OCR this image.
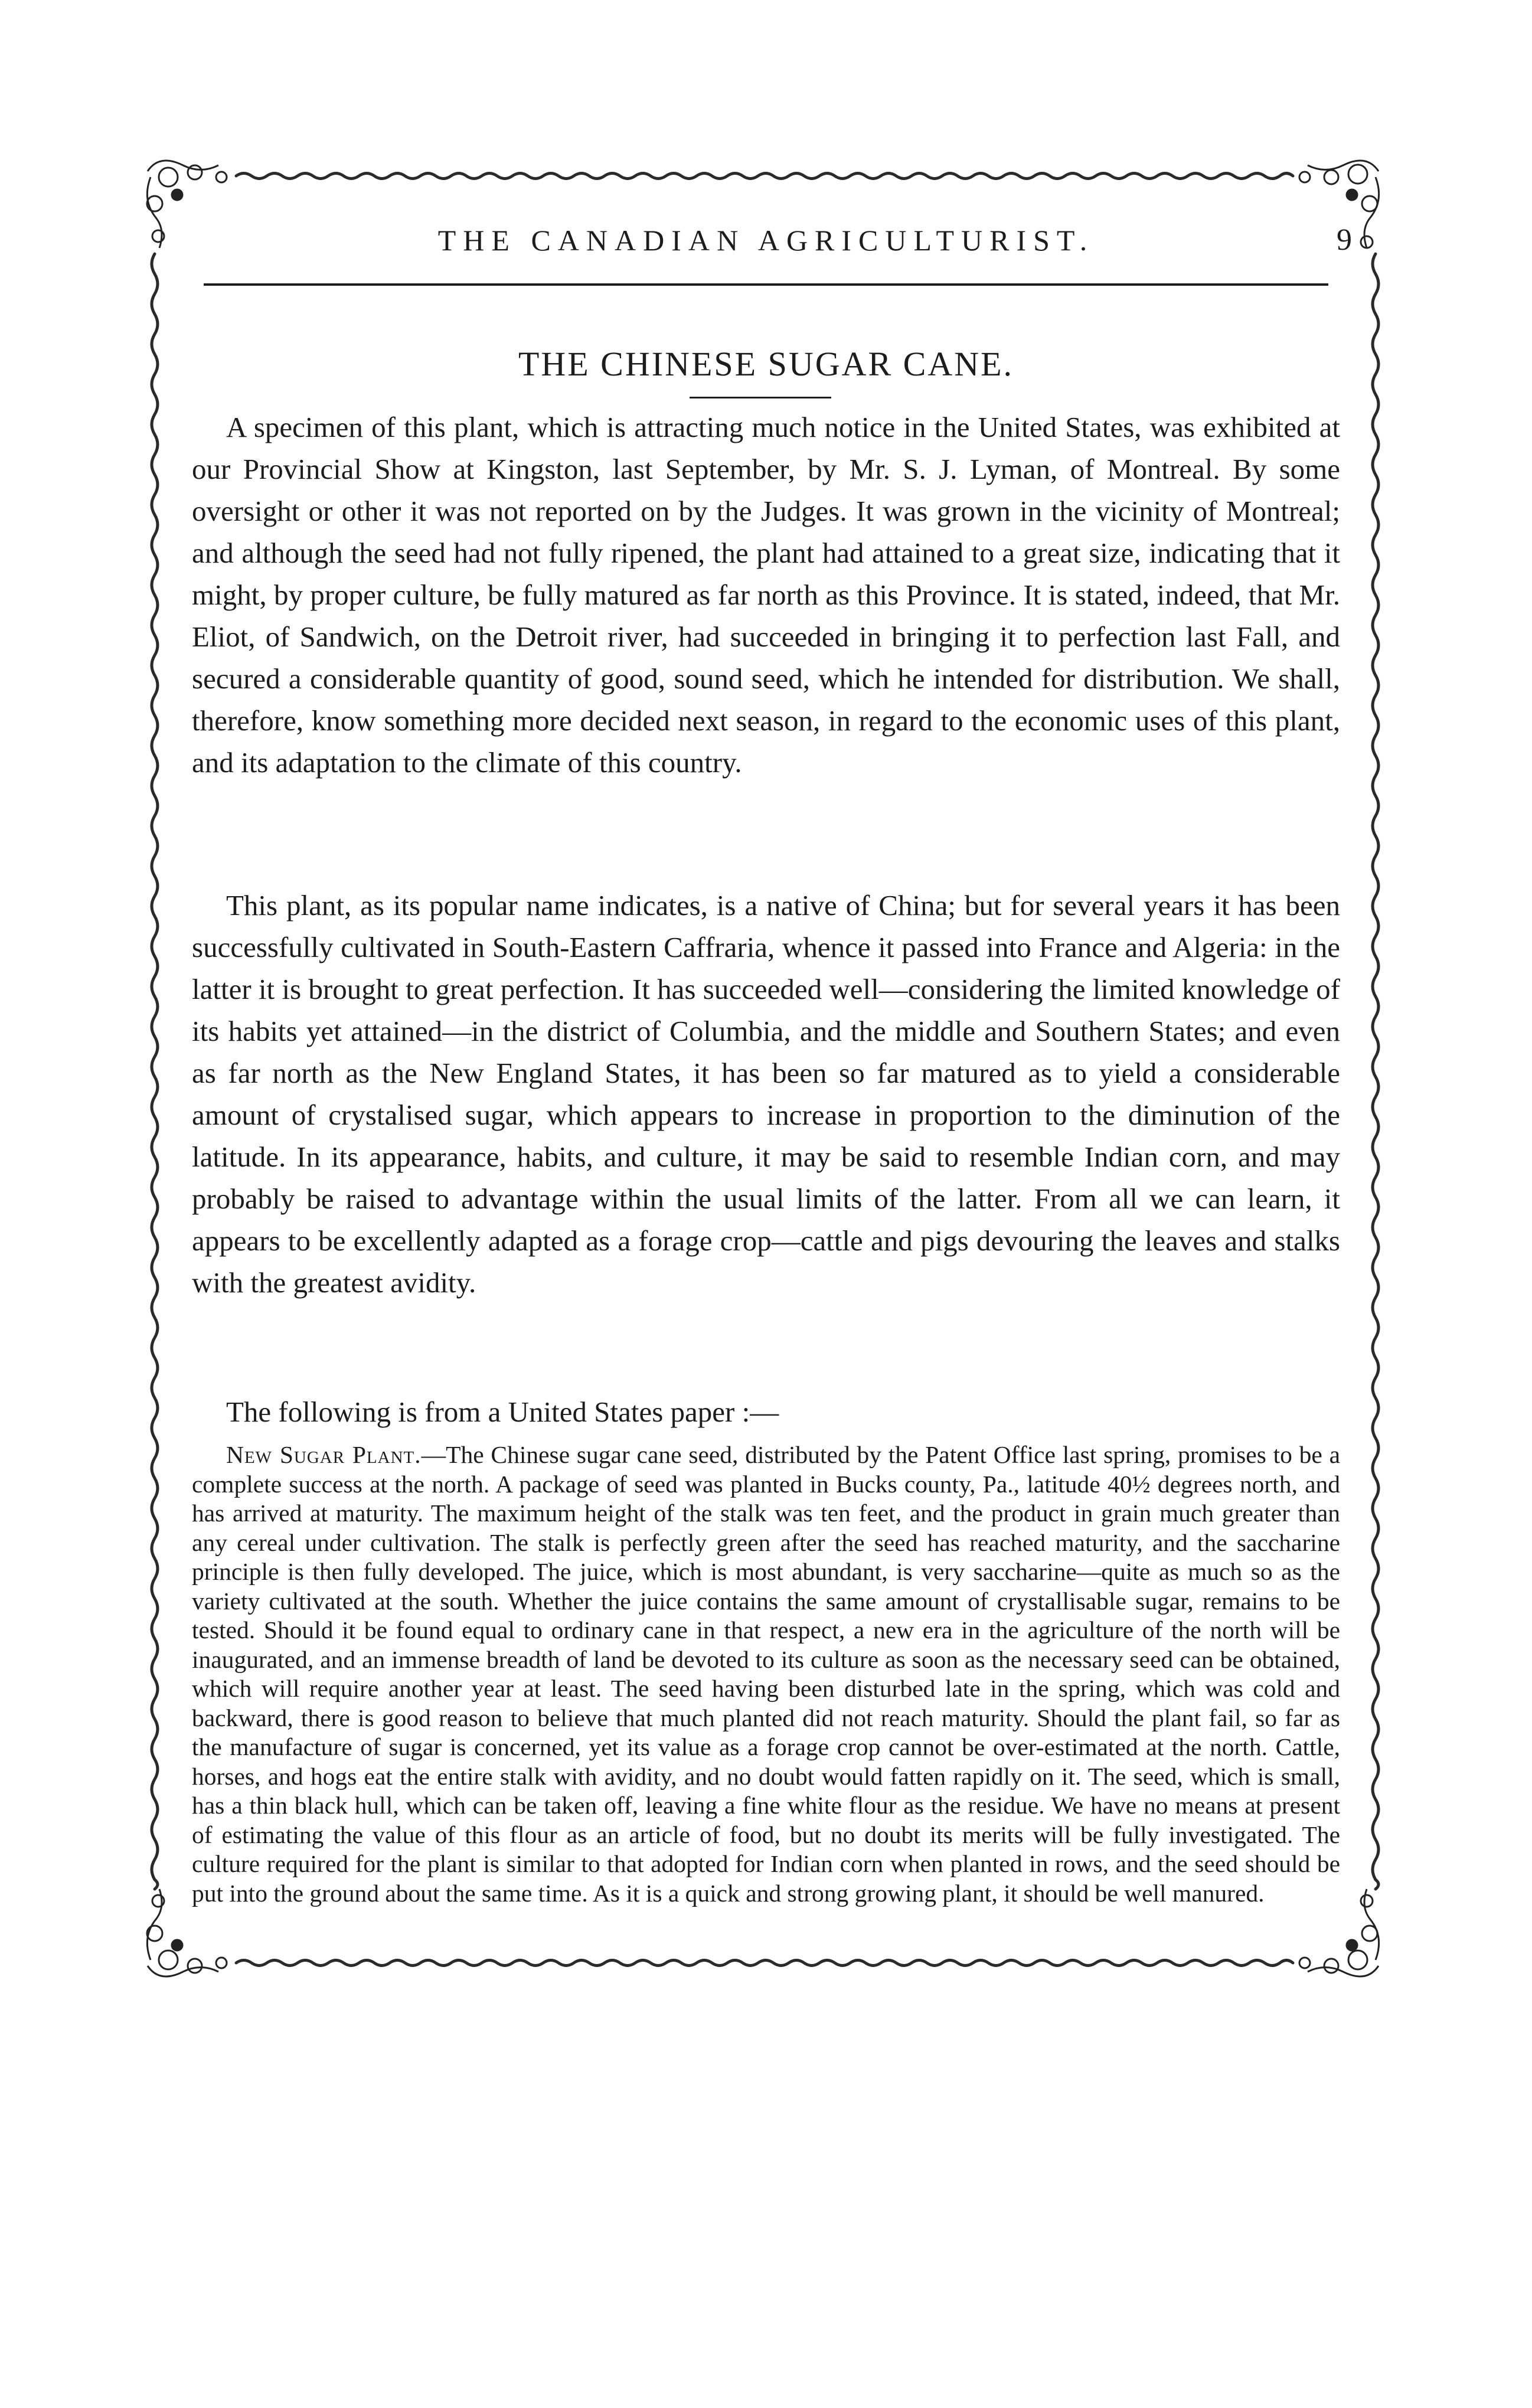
THE CANADIAN AGRICULTURIST.	9
THE CHINESE SUGAR CANE.

A specimen of this plant, which is attracting much notice in the United States, was exhibited at our Provincial Show at Kingston, last September, by Mr. S. J. Lyman, of Montreal. By some oversight or other it was not reported on by the Judges. It was grown in the vicinity of Montreal; and although the seed had not fully ripened, the plant had attained to a great size, indicating that it might, by proper culture, be fully matured as far north as this Province. It is stated, indeed, that Mr. Eliot, of Sandwich, on the Detroit river, had succeeded in bringing it to perfection last Fall, and secured a considerable quantity of good, sound seed, which he intended for distribution. We shall, therefore, know something more decided next season, in regard to the economic uses of this plant, and its adaptation to the climate of this country.

This plant, as its popular name indicates, is a native of China; but for several years it has been successfully cultivated in South-Eastern Caffraria, whence it passed into France and Algeria: in the latter it is brought to great perfection. It has succeeded well—considering the limited knowledge of its habits yet attained—in the district of Columbia, and the middle and Southern States; and even as far north as the New England States, it has been so far matured as to yield a considerable amount of crystalised sugar, which appears to increase in proportion to the diminution of the latitude. In its appearance, habits, and culture, it may be said to resemble Indian corn, and may probably be raised to advantage within the usual limits of the latter. From all we can learn, it appears to be excellently adapted as a forage crop—cattle and pigs devouring the leaves and stalks with the greatest avidity.

The following is from a United States paper :—

New Sugar Plant.—The Chinese sugar cane seed, distributed by the Patent Office last spring, promises to be a complete success at the north. A package of seed was planted in Bucks county, Pa., latitude 40½ degrees north, and has arrived at maturity. The maximum height of the stalk was ten feet, and the product in grain much greater than any cereal under cultivation. The stalk is perfectly green after the seed has reached maturity, and the saccharine principle is then fully developed. The juice, which is most abundant, is very saccharine—quite as much so as the variety cultivated at the south. Whether the juice contains the same amount of crystallisable sugar, remains to be tested. Should it be found equal to ordinary cane in that respect, a new era in the agriculture of the north will be inaugurated, and an immense breadth of land be devoted to its culture as soon as the necessary seed can be obtained, which will require another year at least. The seed having been disturbed late in the spring, which was cold and backward, there is good reason to believe that much planted did not reach maturity. Should the plant fail, so far as the manufacture of sugar is concerned, yet its value as a forage crop cannot be over-estimated at the north. Cattle, horses, and hogs eat the entire stalk with avidity, and no doubt would fatten rapidly on it. The seed, which is small, has a thin black hull, which can be taken off, leaving a fine white flour as the residue. We have no means at present of estimating the value of this flour as an article of food, but no doubt its merits will be fully investigated. The culture required for the plant is similar to that adopted for Indian corn when planted in rows, and the seed should be put into the ground about the same time. As it is a quick and strong growing plant, it should be well manured.
